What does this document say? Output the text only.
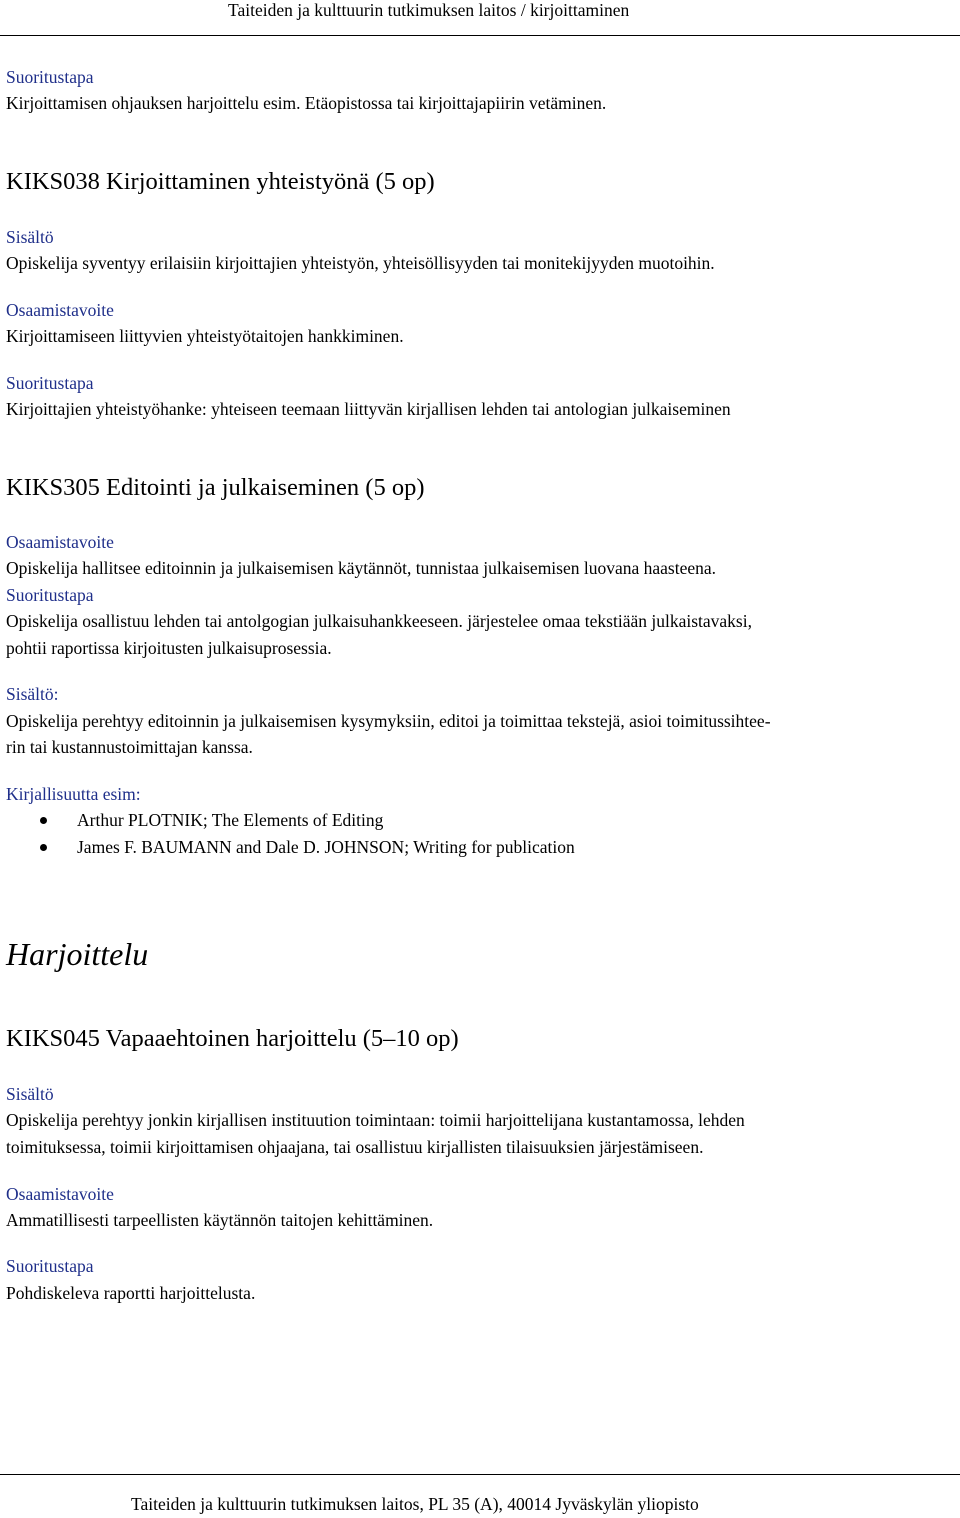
Taiteiden ja kulttuurin tutkimuksen laitos / kirjoittaminen
Suoritustapa
Kirjoittamisen ohjauksen harjoittelu esim. Etäopistossa tai kirjoittajapiirin vetäminen.
KIKS038 Kirjoittaminen yhteistyönä (5 op)
Sisältö
Opiskelija syventyy erilaisiin kirjoittajien yhteistyön, yhteisöllisyyden tai monitekijyyden muotoihin.
Osaamistavoite
Kirjoittamiseen liittyvien yhteistyötaitojen hankkiminen.
Suoritustapa
Kirjoittajien yhteistyöhanke: yhteiseen teemaan liittyvän kirjallisen lehden tai antologian julkaiseminen
KIKS305 Editointi ja julkaiseminen (5 op)
Osaamistavoite
Opiskelija hallitsee editoinnin ja julkaisemisen käytännöt, tunnistaa julkaisemisen luovana haasteena.
Suoritustapa
Opiskelija osallistuu lehden tai antolgogian julkaisuhankkeeseen. järjestelee omaa tekstiään julkaistavaksi,
pohtii raportissa kirjoitusten julkaisuprosessia.
Sisältö:
Opiskelija perehtyy editoinnin ja julkaisemisen kysymyksiin, editoi ja toimittaa tekstejä, asioi toimitussihtee-
rin tai kustannustoimittajan kanssa.
Kirjallisuutta esim:
Arthur PLOTNIK; The Elements of Editing
James F. BAUMANN and Dale D. JOHNSON; Writing for publication
Harjoittelu
KIKS045 Vapaaehtoinen harjoittelu (5–10 op)
Sisältö
Opiskelija perehtyy jonkin kirjallisen instituution toimintaan: toimii harjoittelijana kustantamossa, lehden
toimituksessa, toimii kirjoittamisen ohjaajana, tai osallistuu kirjallisten tilaisuuksien järjestämiseen.
Osaamistavoite
Ammatillisesti tarpeellisten käytännön taitojen kehittäminen.
Suoritustapa
Pohdiskeleva raportti harjoittelusta.
Taiteiden ja kulttuurin tutkimuksen laitos, PL 35 (A), 40014 Jyväskylän yliopisto
